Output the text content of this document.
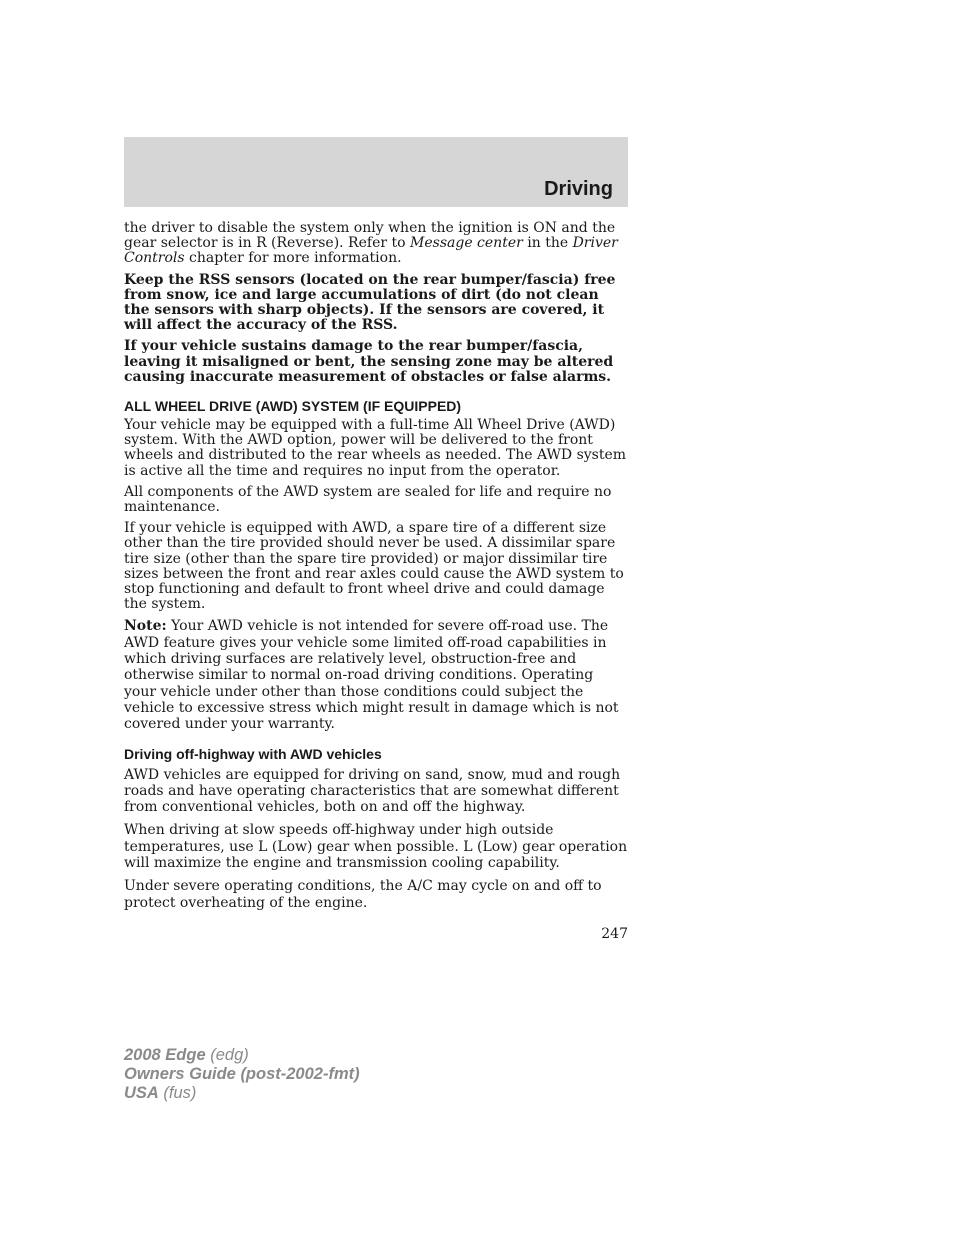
Driving

the driver to disable the system only when the ignition is ON and the gear selector is in R (Reverse). Refer to Message center in the Driver Controls chapter for more information.

Keep the RSS sensors (located on the rear bumper/fascia) free from snow, ice and large accumulations of dirt (do not clean the sensors with sharp objects). If the sensors are covered, it will affect the accuracy of the RSS.

If your vehicle sustains damage to the rear bumper/fascia, leaving it misaligned or bent, the sensing zone may be altered causing inaccurate measurement of obstacles or false alarms.

ALL WHEEL DRIVE (AWD) SYSTEM (IF EQUIPPED)

Your vehicle may be equipped with a full-time All Wheel Drive (AWD) system. With the AWD option, power will be delivered to the front wheels and distributed to the rear wheels as needed. The AWD system is active all the time and requires no input from the operator.

All components of the AWD system are sealed for life and require no maintenance.

If your vehicle is equipped with AWD, a spare tire of a different size other than the tire provided should never be used. A dissimilar spare tire size (other than the spare tire provided) or major dissimilar tire sizes between the front and rear axles could cause the AWD system to stop functioning and default to front wheel drive and could damage the system.

Note: Your AWD vehicle is not intended for severe off-road use. The AWD feature gives your vehicle some limited off-road capabilities in which driving surfaces are relatively level, obstruction-free and otherwise similar to normal on-road driving conditions. Operating your vehicle under other than those conditions could subject the vehicle to excessive stress which might result in damage which is not covered under your warranty.

Driving off-highway with AWD vehicles

AWD vehicles are equipped for driving on sand, snow, mud and rough roads and have operating characteristics that are somewhat different from conventional vehicles, both on and off the highway.

When driving at slow speeds off-highway under high outside temperatures, use L (Low) gear when possible. L (Low) gear operation will maximize the engine and transmission cooling capability.

Under severe operating conditions, the A/C may cycle on and off to protect overheating of the engine.

247
2008 Edge (edg)
Owners Guide (post-2002-fmt)
USA (fus)
